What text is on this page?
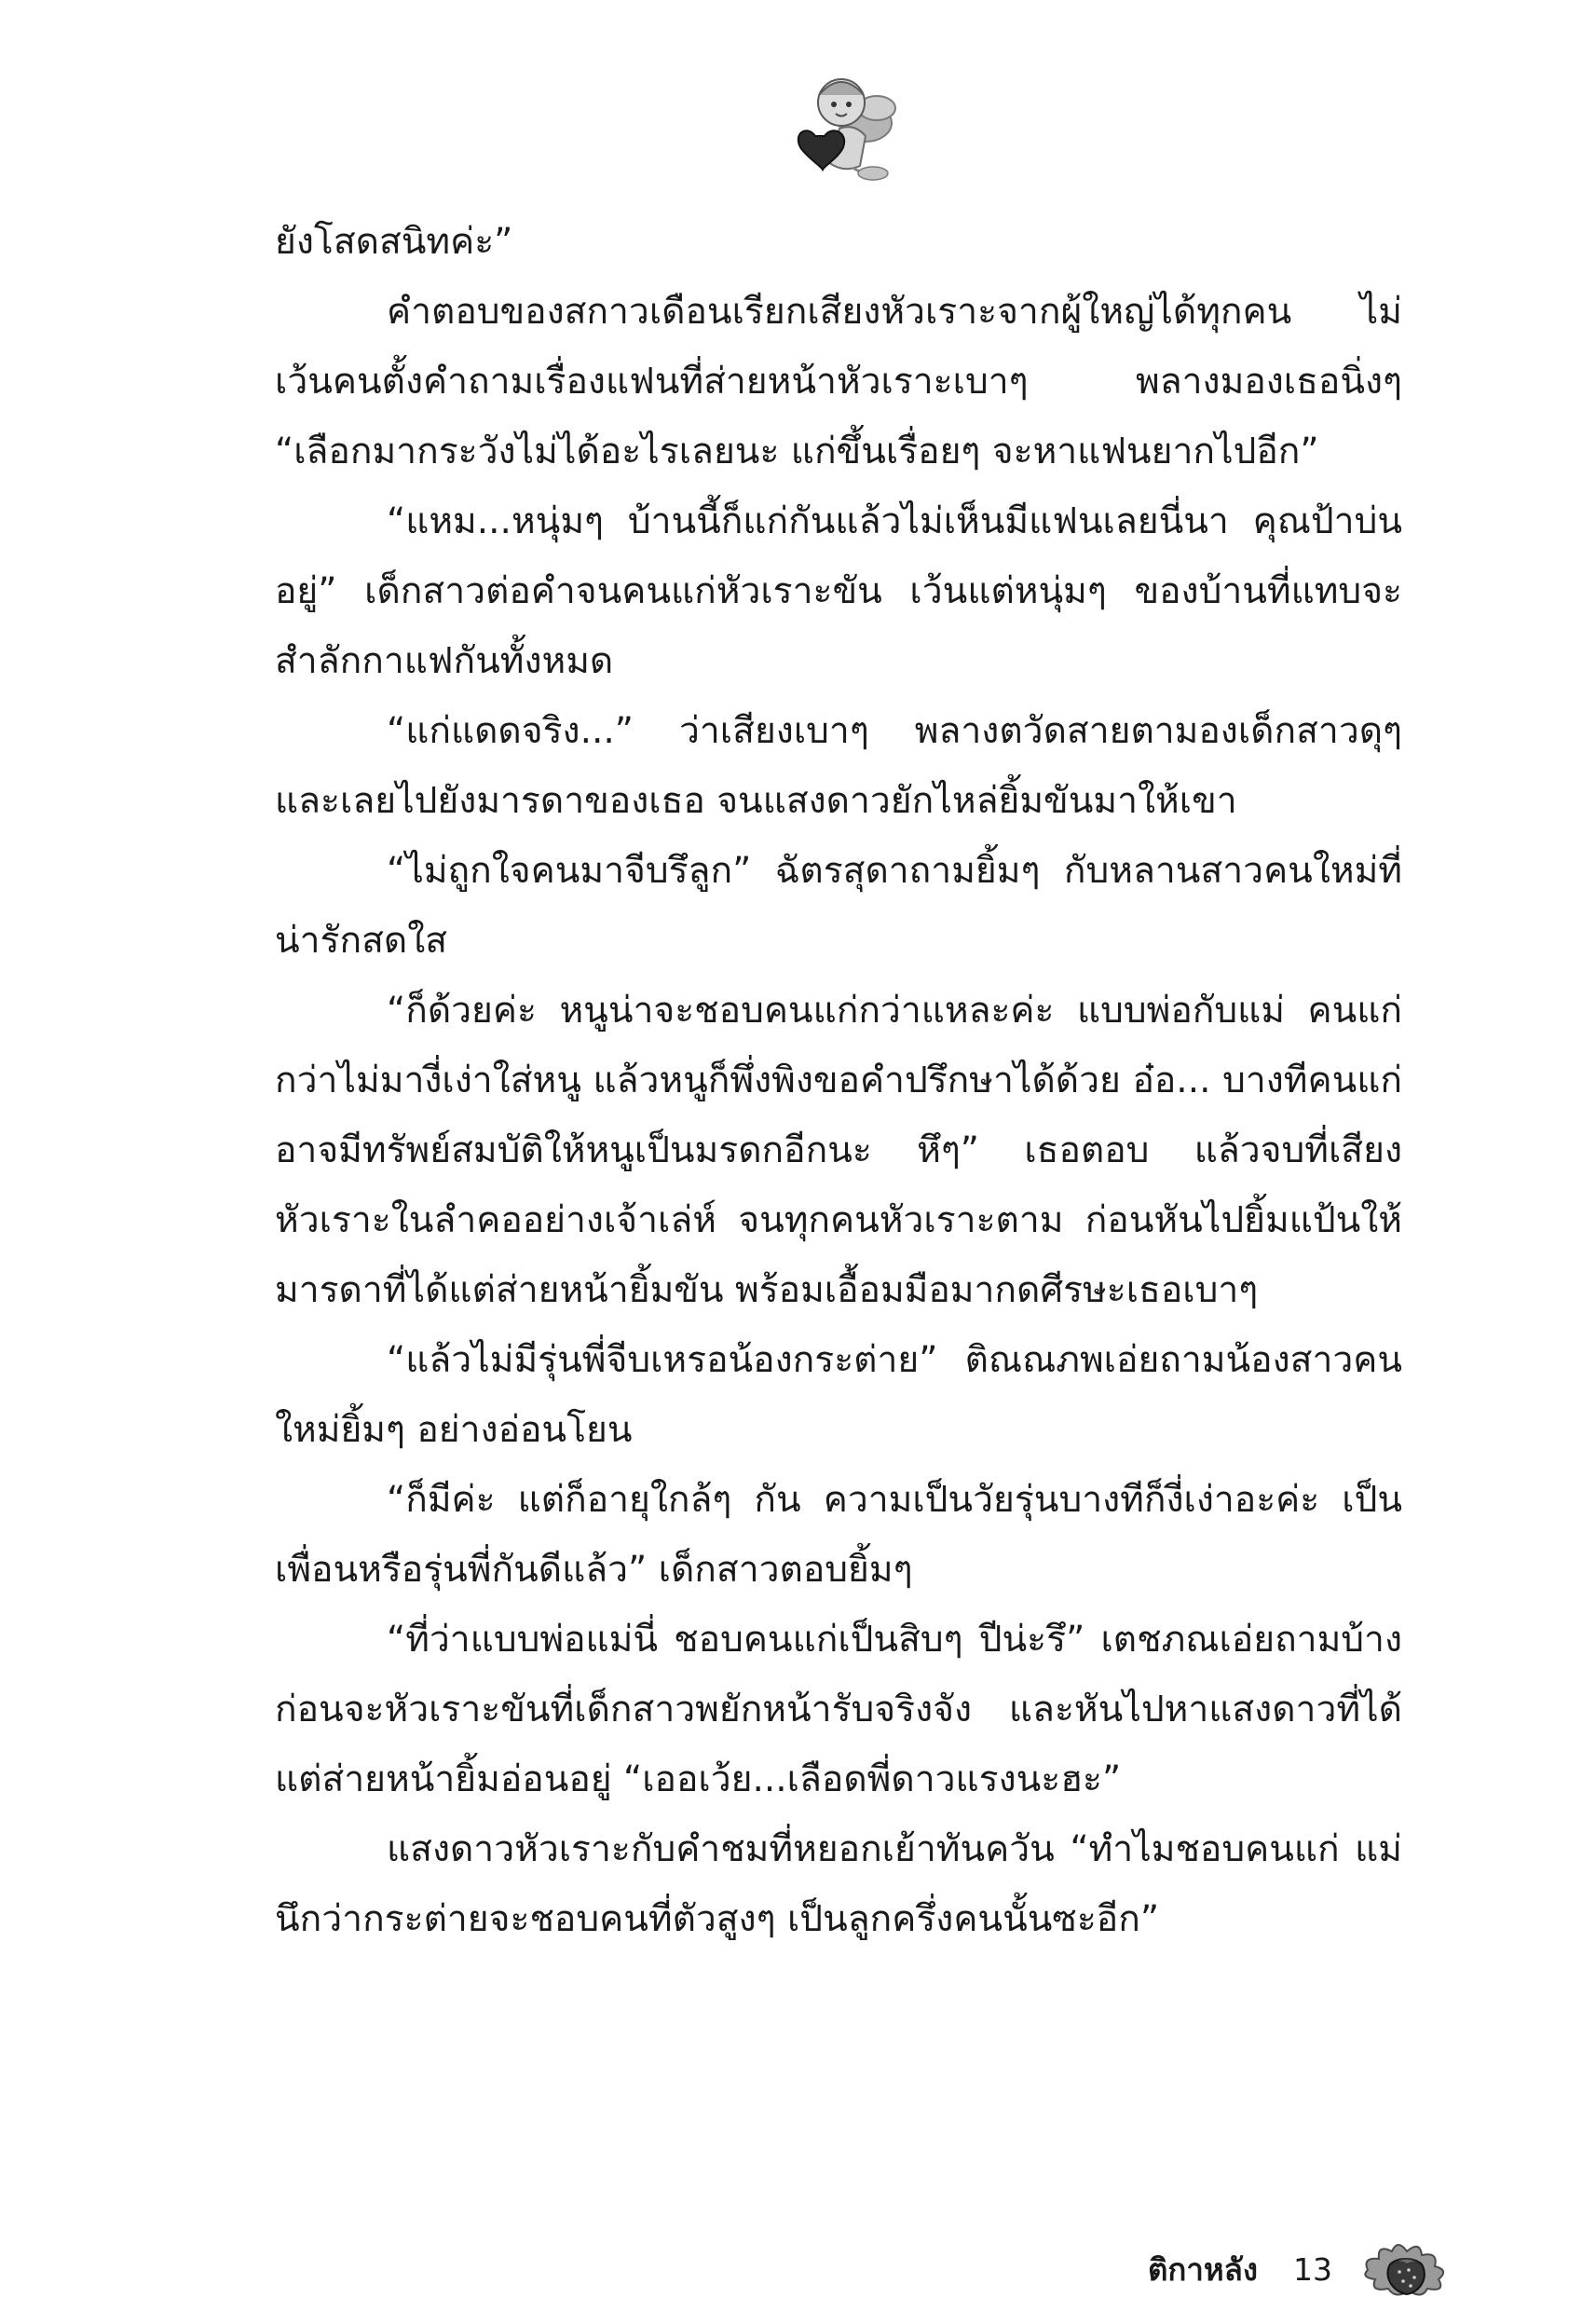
ยังโสดสนิทค่ะ”

คำตอบของสกาวเดือนเรียกเสียงหัวเราะจากผู้ใหญ่ได้ทุกคน ไม่เว้นคนตั้งคำถามเรื่องแฟนที่ส่ายหน้าหัวเราะเบาๆ พลางมองเธอนิ่งๆ “เลือกมากระวังไม่ได้อะไรเลยนะ แก่ขึ้นเรื่อยๆ จะหาแฟนยากไปอีก”

“แหม...หนุ่มๆ บ้านนี้ก็แก่กันแล้วไม่เห็นมีแฟนเลยนี่นา คุณป้าบ่นอยู่” เด็กสาวต่อคำจนคนแก่หัวเราะขัน เว้นแต่หนุ่มๆ ของบ้านที่แทบจะสำลักกาแฟกันทั้งหมด

“แก่แดดจริง...” ว่าเสียงเบาๆ พลางตวัดสายตามองเด็กสาวดุๆ และเลยไปยังมารดาของเธอ จนแสงดาวยักไหล่ยิ้มขันมาให้เขา

“ไม่ถูกใจคนมาจีบรึลูก” ฉัตรสุดาถามยิ้มๆ กับหลานสาวคนใหม่ที่น่ารักสดใส

“ก็ด้วยค่ะ หนูน่าจะชอบคนแก่กว่าแหละค่ะ แบบพ่อกับแม่ คนแก่กว่าไม่มางี่เง่าใส่หนู แล้วหนูก็พึ่งพิงขอคำปรึกษาได้ด้วย อ๋อ... บางทีคนแก่อาจมีทรัพย์สมบัติให้หนูเป็นมรดกอีกนะ หึๆ” เธอตอบ แล้วจบที่เสียงหัวเราะในลำคออย่างเจ้าเล่ห์ จนทุกคนหัวเราะตาม ก่อนหันไปยิ้มแป้นให้มารดาที่ได้แต่ส่ายหน้ายิ้มขัน พร้อมเอื้อมมือมากดศีรษะเธอเบาๆ

“แล้วไม่มีรุ่นพี่จีบเหรอน้องกระต่าย” ติณณภพเอ่ยถามน้องสาวคนใหม่ยิ้มๆ อย่างอ่อนโยน

“ก็มีค่ะ แต่ก็อายุใกล้ๆ กัน ความเป็นวัยรุ่นบางทีก็งี่เง่าอะค่ะ เป็นเพื่อนหรือรุ่นพี่กันดีแล้ว” เด็กสาวตอบยิ้มๆ

“ที่ว่าแบบพ่อแม่นี่ ชอบคนแก่เป็นสิบๆ ปีน่ะรึ” เตชภณเอ่ยถามบ้าง ก่อนจะหัวเราะขันที่เด็กสาวพยักหน้ารับจริงจัง และหันไปหาแสงดาวที่ได้แต่ส่ายหน้ายิ้มอ่อนอยู่ “เออเว้ย...เลือดพี่ดาวแรงนะฮะ”

แสงดาวหัวเราะกับคำชมที่หยอกเย้าทันควัน “ทำไมชอบคนแก่ แม่นึกว่ากระต่ายจะชอบคนที่ตัวสูงๆ เป็นลูกครึ่งคนนั้นซะอีก”

ติกาหลัง 13
